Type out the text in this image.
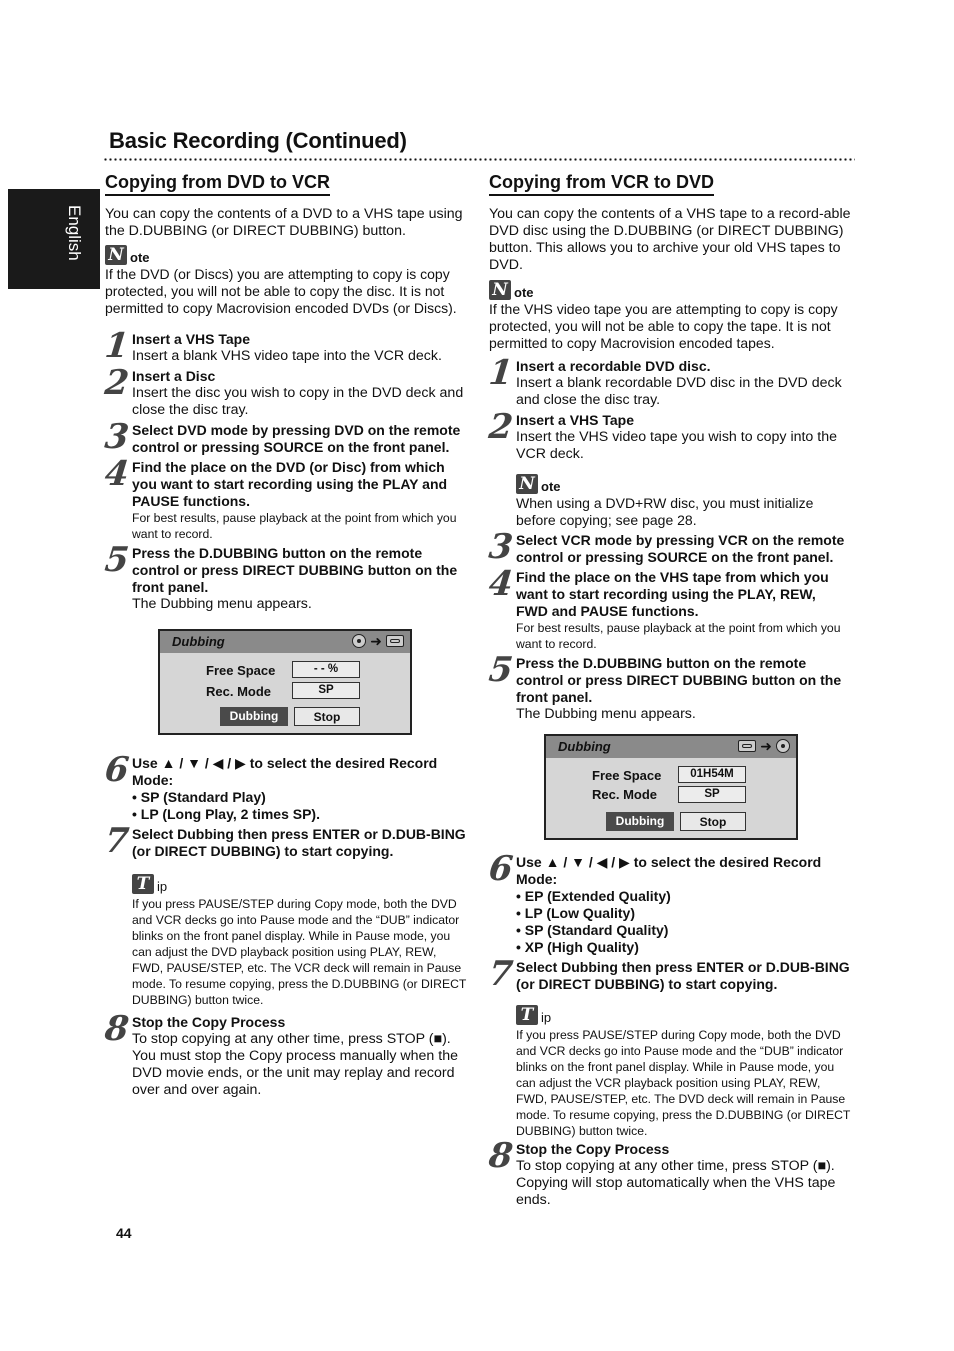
Basic Recording (Continued)
English
Copying from DVD to VCR

You can copy the contents of a DVD to a VHS tape using the D.DUBBING (or DIRECT DUBBING) button.

N ote

If the DVD (or Discs) you are attempting to copy is copy protected, you will not be able to copy the disc. It is not permitted to copy Macrovision encoded DVDs (or Discs).

1 Insert a VHS Tape
Insert a blank VHS video tape into the VCR deck.
2 Insert a Disc
Insert the disc you wish to copy in the DVD deck and close the disc tray.
3 Select DVD mode by pressing DVD on the remote control or pressing SOURCE on the front panel.
4 Find the place on the DVD (or Disc) from which you want to start recording using the PLAY and PAUSE functions.
For best results, pause playback at the point from which you want to record.
5 Press the D.DUBBING button on the remote control or press DIRECT DUBBING button on the front panel.
The Dubbing menu appears.
Dubbing	➜
Free Space	- - %
Rec. Mode	SP
Dubbing	Stop
6 Use ▲ / ▼ / ◀ / ▶ to select the desired Record Mode:
• SP (Standard Play)
• LP (Long Play, 2 times SP).
7 Select Dubbing then press ENTER or D.DUB-BING (or DIRECT DUBBING) to start copying.
T ip
If you press PAUSE/STEP during Copy mode, both the DVD and VCR decks go into Pause mode and the “DUB” indicator blinks on the front panel display. While in Pause mode, you can adjust the DVD playback position using PLAY, REW, FWD, PAUSE/STEP, etc. The VCR deck will remain in Pause mode. To resume copying, press the D.DUBBING (or DIRECT DUBBING) button twice.
8 Stop the Copy Process
To stop copying at any other time, press STOP (■). You must stop the Copy process manually when the DVD movie ends, or the unit may replay and record over and over again.
Copying from VCR to DVD

You can copy the contents of a VHS tape to a record-able DVD disc using the D.DUBBING (or DIRECT DUBBING) button. This allows you to archive your old VHS tapes to DVD.

N ote

If the VHS video tape you are attempting to copy is copy protected, you will not be able to copy the tape. It is not permitted to copy Macrovision encoded tapes.

1 Insert a recordable DVD disc.
Insert a blank recordable DVD disc in the DVD deck and close the disc tray.
2 Insert a VHS Tape
Insert the VHS video tape you wish to copy into the VCR deck.
N ote
When using a DVD+RW disc, you must initialize before copying; see page 28.
3 Select VCR mode by pressing VCR on the remote control or pressing SOURCE on the front panel.
4 Find the place on the VHS tape from which you want to start recording using the PLAY, REW, FWD and PAUSE functions.
For best results, pause playback at the point from which you want to record.
5 Press the D.DUBBING button on the remote control or press DIRECT DUBBING button on the front panel.
The Dubbing menu appears.
Dubbing	➜
Free Space	01H54M
Rec. Mode	SP
Dubbing	Stop
6 Use ▲ / ▼ / ◀ / ▶ to select the desired Record Mode:
• EP (Extended Quality)
• LP (Low Quality)
• SP (Standard Quality)
• XP (High Quality)
7 Select Dubbing then press ENTER or D.DUB-BING (or DIRECT DUBBING) to start copying.
T ip
If you press PAUSE/STEP during Copy mode, both the DVD and VCR decks go into Pause mode and the “DUB” indicator blinks on the front panel display. While in Pause mode, you can adjust the VCR playback position using PLAY, REW, FWD, PAUSE/STEP, etc. The DVD deck will remain in Pause mode. To resume copying, press the D.DUBBING (or DIRECT DUBBING) button twice.
8 Stop the Copy Process
To stop copying at any other time, press STOP (■). Copying will stop automatically when the VHS tape ends.
44
